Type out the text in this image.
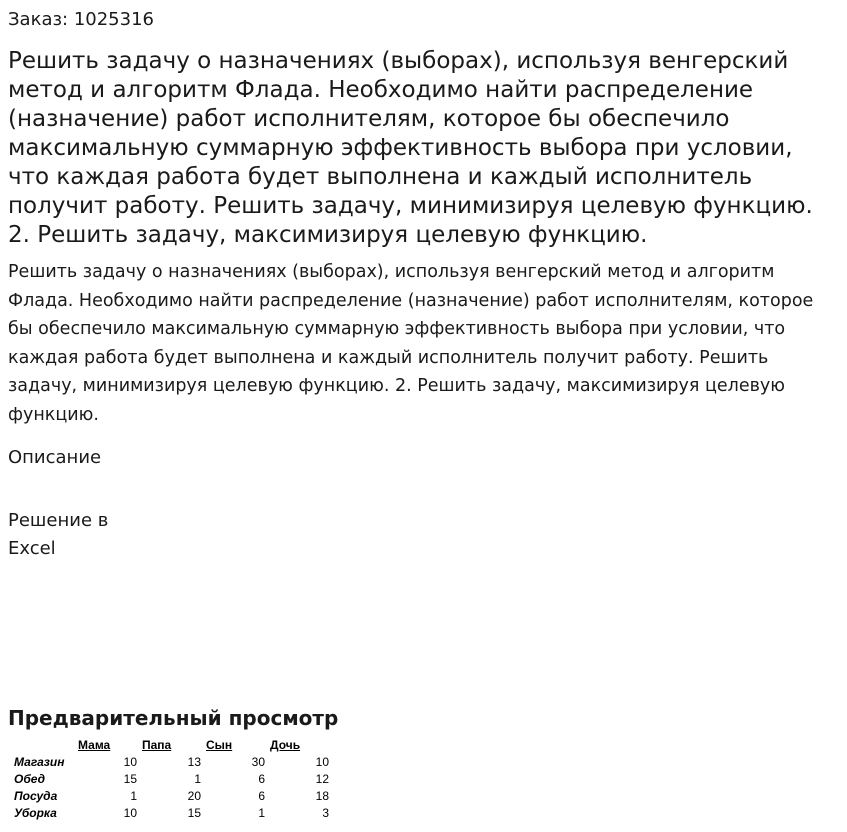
Заказ: 1025316
Решить задачу о назначениях (выборах), используя венгерский метод и алгоритм Флада. Необходимо найти распределение (назначение) работ исполнителям, которое бы обеспечило максимальную суммарную эффективность выбора при условии, что каждая работа будет выполнена и каждый исполнитель получит работу. Решить задачу, минимизируя целевую функцию. 2. Решить задачу, максимизируя целевую функцию.
Решить задачу о назначениях (выборах), используя венгерский метод и алгоритм Флада. Необходимо найти распределение (назначение) работ исполнителям, которое бы обеспечило максимальную суммарную эффективность выбора при условии, что каждая работа будет выполнена и каждый исполнитель получит работу. Решить задачу, минимизируя целевую функцию. 2. Решить задачу, максимизируя целевую функцию.
Описание
Решение в Excel
Предварительный просмотр
Мама	Папа	Сын	Дочь
Магазин	10	13	30	10
Обед	15	1	6	12
Посуда	1	20	6	18
Уборка	10	15	1	3
